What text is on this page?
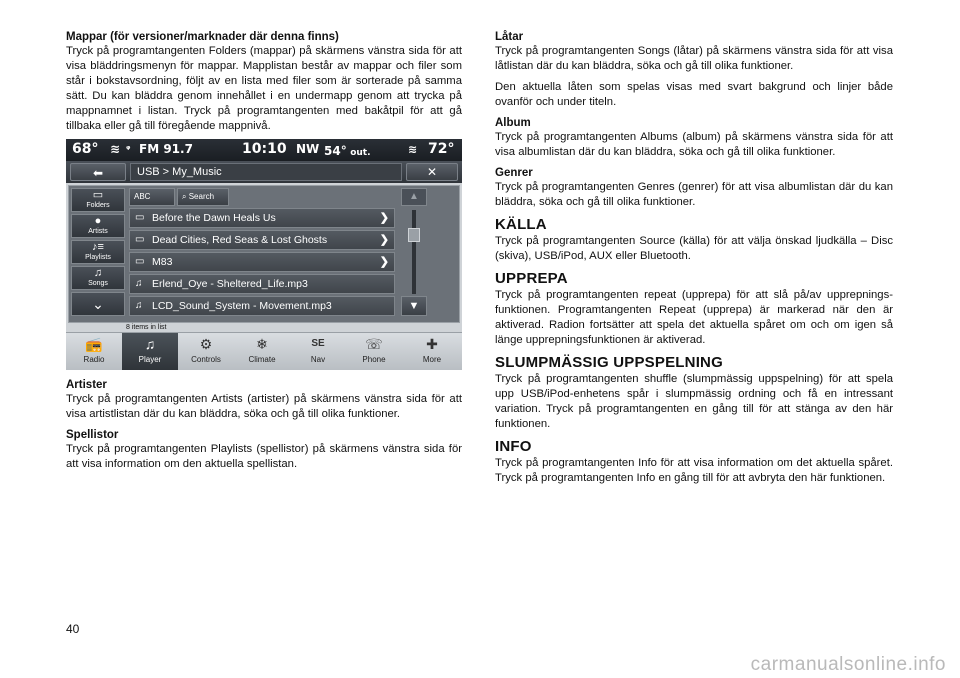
Mappar (för versioner/marknader där denna finns)

Tryck på programtangenten Folders (mappar) på skärmens vänstra sida för att visa bläddringsmenyn för mappar. Mapplistan består av mappar och filer som står i bokstavsordning, följt av en lista med filer som är sorterade på samma sätt. Du kan bläddra genom innehållet i en undermapp genom att trycka på mappnamnet i listan. Tryck på programtangenten med bakåtpil för att gå tillbaka eller gå till föregående mappnivå.

68° ≋ ᵠ FM 91.7	10:10 NW 54° out.	≋ 72°
⬅	USB > My_Music	✕
▭
Folders
●
Artists
♪≡
Playlists
♫
Songs
⌄
ABC	⌕ Search
▭ Before the Dawn Heals Us	❯
▭ Dead Cities, Red Seas & Lost Ghosts	❯
▭ M83	❯
♫ Erlend_Oye - Sheltered_Life.mp3
♫ LCD_Sound_System - Movement.mp3
▲
▼
8 items in list
📻
Radio
♫
Player
⚙
Controls
❄
Climate
SE
Nav
☏
Phone
✚
More

Artister

Tryck på programtangenten Artists (artister) på skärmens vänstra sida för att visa artistlistan där du kan bläddra, söka och gå till olika funktioner.

Spellistor

Tryck på programtangenten Playlists (spellistor) på skärmens vänstra sida för att visa information om den aktuella spellistan.

Låtar

Tryck på programtangenten Songs (låtar) på skärmens vänstra sida för att visa låtlistan där du kan bläddra, söka och gå till olika funktioner.

Den aktuella låten som spelas visas med svart bakgrund och linjer både ovanför och under titeln.

Album

Tryck på programtangenten Albums (album) på skärmens vänstra sida för att visa albumlistan där du kan bläddra, söka och gå till olika funktioner.

Genrer

Tryck på programtangenten Genres (genrer) för att visa albumlistan där du kan bläddra, söka och gå till olika funktioner.

KÄLLA

Tryck på programtangenten Source (källa) för att välja önskad ljudkälla – Disc (skiva), USB/iPod, AUX eller Bluetooth.

UPPREPA

Tryck på programtangenten repeat (upprepa) för att slå på/av upprepningsfunktionen. Programtangenten Repeat (upprepa) är markerad när den är aktiverad. Radion fortsätter att spela det aktuella spåret om och om igen så länge upprepningsfunktionen är aktiverad.

SLUMPMÄSSIG UPPSPELNING

Tryck på programtangenten shuffle (slumpmässig uppspelning) för att spela upp USB/iPod-enhetens spår i slumpmässig ordning och få en intressant variation. Tryck på programtangenten en gång till för att stänga av den här funktionen.

INFO

Tryck på programtangenten Info för att visa information om det aktuella spåret. Tryck på programtangenten Info en gång till för att avbryta den här funktionen.

40
carmanualsonline.info
